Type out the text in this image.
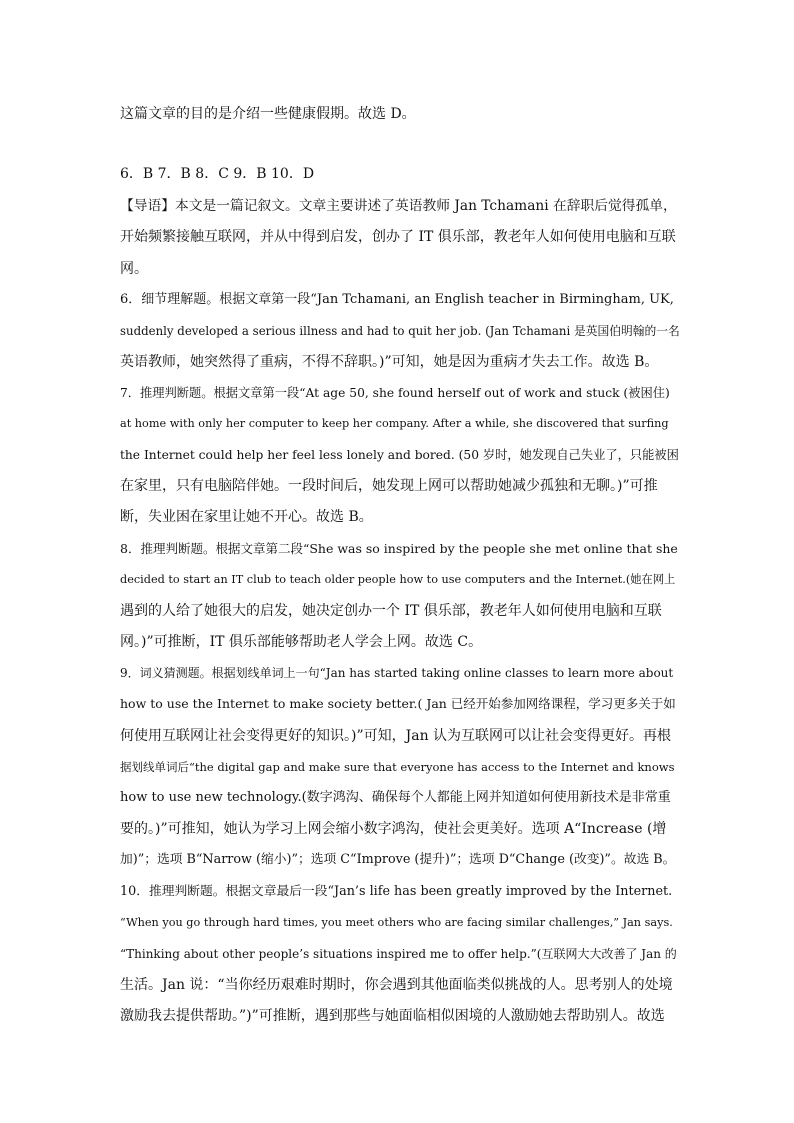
这篇文章的目的是介绍一些健康假期。故选 D。
6．B 7．B 8．C 9．B 10．D
【导语】本文是一篇记叙文。文章主要讲述了英语教师 Jan Tchamani 在辞职后觉得孤单，
开始频繁接触互联网，并从中得到启发，创办了 IT 俱乐部，教老年人如何使用电脑和互联
网。
6．细节理解题。根据文章第一段“Jan Tchamani, an English teacher in Birmingham, UK,
suddenly developed a serious illness and had to quit her job. (Jan Tchamani 是英国伯明翰的一名
英语教师，她突然得了重病，不得不辞职。)”可知，她是因为重病才失去工作。故选 B。
7．推理判断题。根据文章第一段“At age 50, she found herself out of work and stuck (被困住)
at home with only her computer to keep her company. After a while, she discovered that surfing
the Internet could help her feel less lonely and bored. (50 岁时，她发现自己失业了，只能被困
在家里，只有电脑陪伴她。一段时间后，她发现上网可以帮助她减少孤独和无聊。)”可推
断，失业困在家里让她不开心。故选 B。
8．推理判断题。根据文章第二段“She was so inspired by the people she met online that she
decided to start an IT club to teach older people how to use computers and the Internet.(她在网上
遇到的人给了她很大的启发，她决定创办一个 IT 俱乐部，教老年人如何使用电脑和互联
网。)”可推断，IT 俱乐部能够帮助老人学会上网。故选 C。
9．词义猜测题。根据划线单词上一句“Jan has started taking online classes to learn more about
how to use the Internet to make society better.( Jan 已经开始参加网络课程，学习更多关于如
何使用互联网让社会变得更好的知识。)”可知，Jan 认为互联网可以让社会变得更好。再根
据划线单词后“the digital gap and make sure that everyone has access to the Internet and knows
how to use new technology.(数字鸿沟、确保每个人都能上网并知道如何使用新技术是非常重
要的。)”可推知，她认为学习上网会缩小数字鸿沟，使社会更美好。选项 A“Increase (增
加)”；选项 B“Narrow (缩小)”；选项 C“Improve (提升)”；选项 D“Change (改变)”。故选 B。
10．推理判断题。根据文章最后一段“Jan’s life has been greatly improved by the Internet.
“When you go through hard times, you meet others who are facing similar challenges,” Jan says.
“Thinking about other people’s situations inspired me to offer help.”(互联网大大改善了 Jan 的
生活。Jan 说：“当你经历艰难时期时，你会遇到其他面临类似挑战的人。思考别人的处境
激励我去提供帮助。”)”可推断，遇到那些与她面临相似困境的人激励她去帮助别人。故选
